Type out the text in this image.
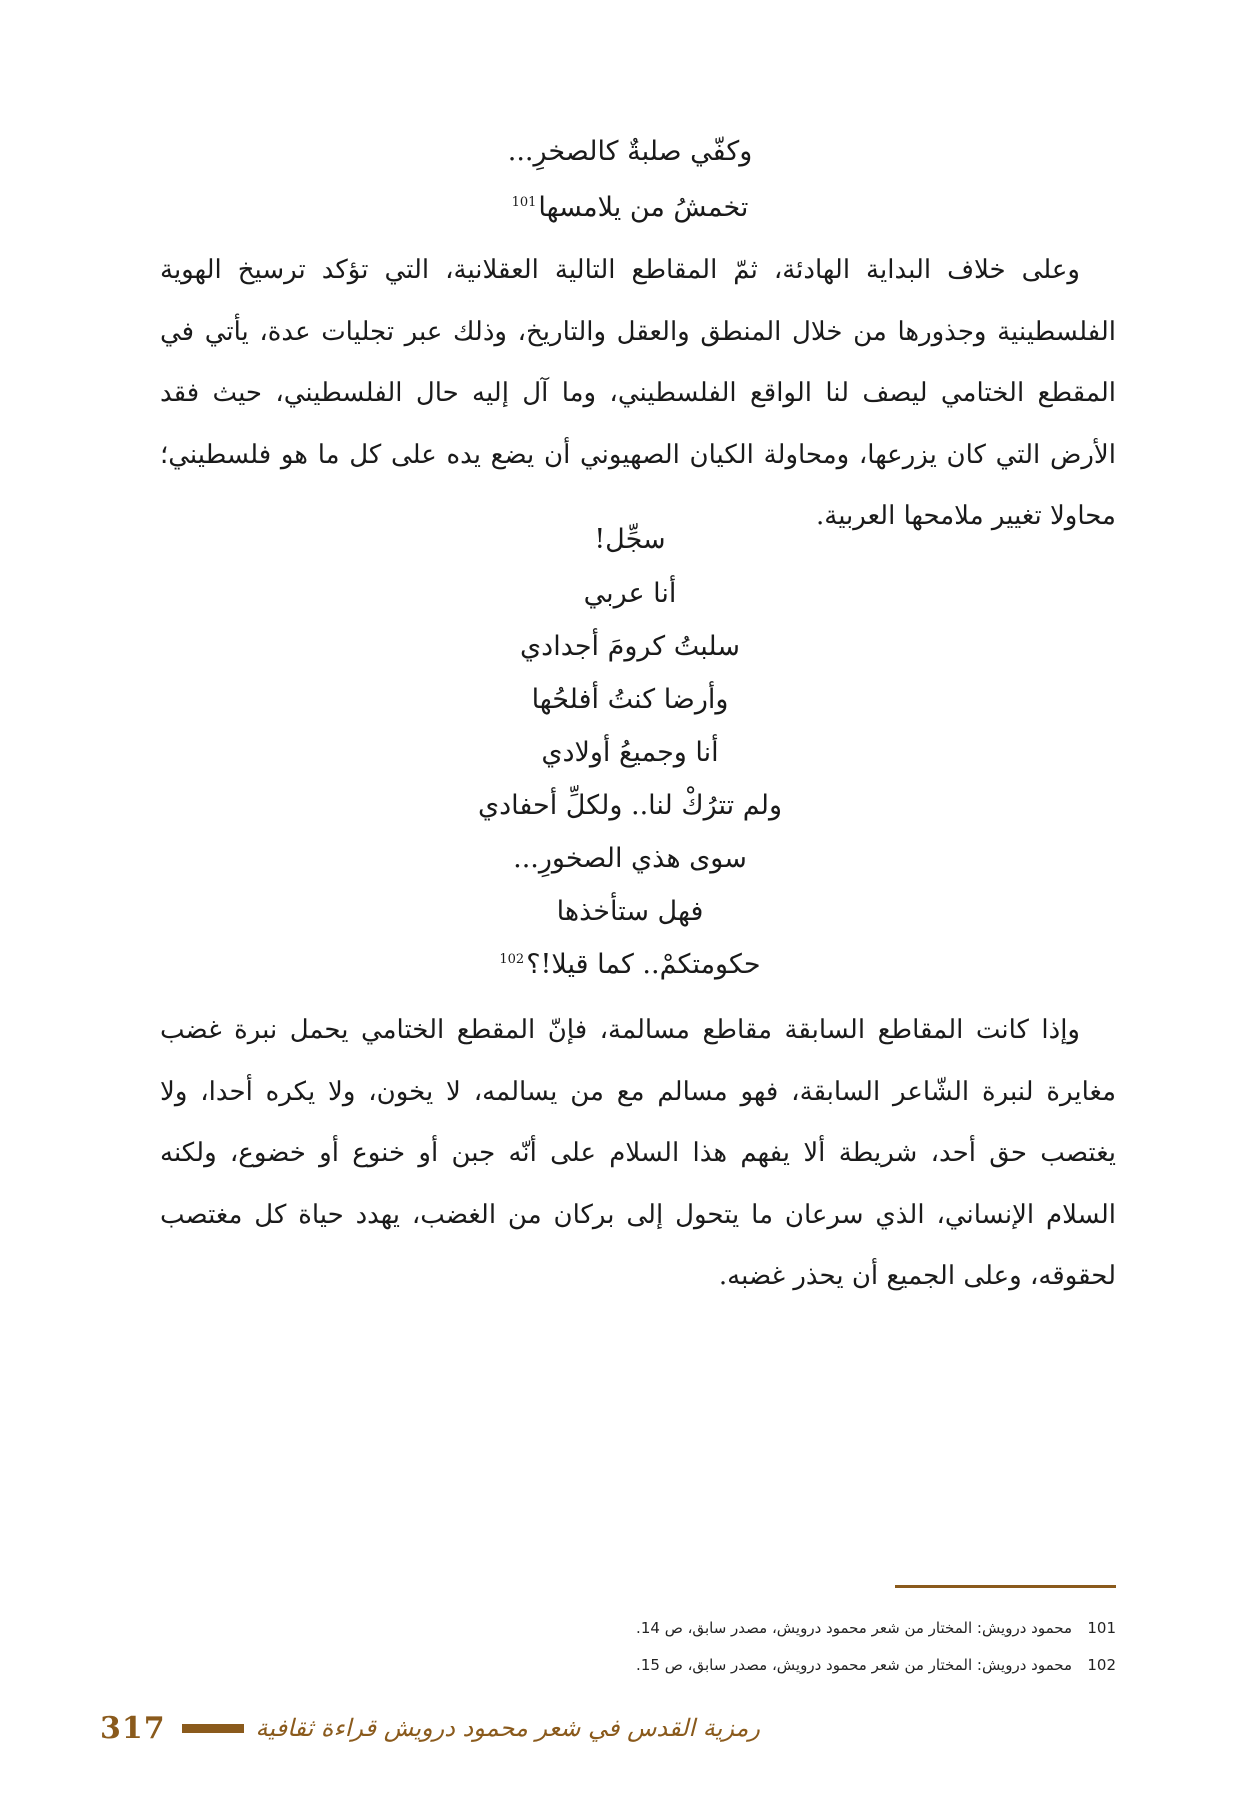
وكفّي صلبةٌ كالصخرِ...
تخمشُ من يلامسها$^{101}$

وعلى خلاف البداية الهادئة، ثمّ المقاطع التالية العقلانية، التي تؤكد ترسيخ الهوية الفلسطينية وجذورها من خلال المنطق والعقل والتاريخ، وذلك عبر تجليات عدة، يأتي في المقطع الختامي ليصف لنا الواقع الفلسطيني، وما آل إليه حال الفلسطيني، حيث فقد الأرض التي كان يزرعها، ومحاولة الكيان الصهيوني أن يضع يده على كل ما هو فلسطيني؛ محاولا تغيير ملامحها العربية.

سجِّل!
أنا عربي
سلبتُ كرومَ أجدادي
وأرضا كنتُ أفلحُها
أنا وجميعُ أولادي
ولم تترُكْ لنا.. ولكلِّ أحفادي
سوى هذي الصخورِ...
فهل ستأخذها
حكومتكمْ.. كما قيلا!؟$^{102}$

وإذا كانت المقاطع السابقة مقاطع مسالمة، فإنّ المقطع الختامي يحمل نبرة غضب مغايرة لنبرة الشّاعر السابقة، فهو مسالم مع من يسالمه، لا يخون، ولا يكره أحدا، ولا يغتصب حق أحد، شريطة ألا يفهم هذا السلام على أنّه جبن أو خنوع أو خضوع، ولكنه السلام الإنساني، الذي سرعان ما يتحول إلى بركان من الغضب، يهدد حياة كل مغتصب لحقوقه، وعلى الجميع أن يحذر غضبه.

101محمود درويش: المختار من شعر محمود درويش، مصدر سابق، ص 14.
102محمود درويش: المختار من شعر محمود درويش، مصدر سابق، ص 15.
317	رمزية القدس في شعر محمود درويش قراءة ثقافية
